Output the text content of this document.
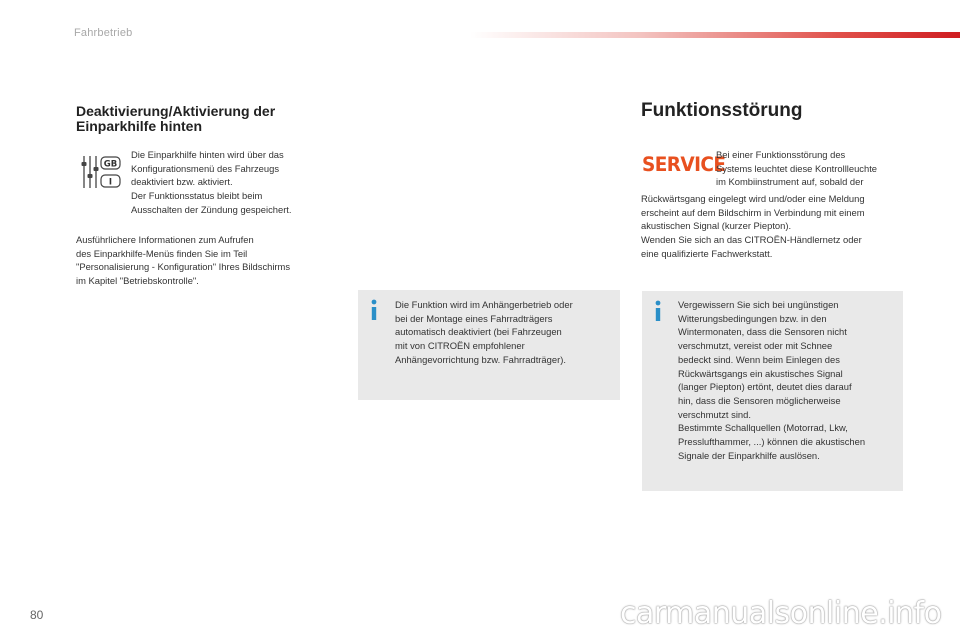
Fahrbetrieb
Deaktivierung/Aktivierung der Einparkhilfe hinten
GB
I

Die Einparkhilfe hinten wird über das

Konfigurationsmenü des Fahrzeugs

deaktiviert bzw. aktiviert.

Der Funktionsstatus bleibt beim

Ausschalten der Zündung gespeichert.

Ausführlichere Informationen zum Aufrufen

des Einparkhilfe-Menüs finden Sie im Teil

"Personalisierung - Konfiguration" Ihres Bildschirms

im Kapitel "Betriebskontrolle".

Funktionsstörung
SERVICE

Bei einer Funktionsstörung des

Systems leuchtet diese Kontrollleuchte

im Kombiinstrument auf, sobald der

Rückwärtsgang eingelegt wird und/oder eine Meldung

erscheint auf dem Bildschirm in Verbindung mit einem

akustischen Signal (kurzer Piepton).

Wenden Sie sich an das CITROËN-Händlernetz oder

eine qualifizierte Fachwerkstatt.

Die Funktion wird im Anhängerbetrieb oder

bei der Montage eines Fahrradträgers

automatisch deaktiviert (bei Fahrzeugen

mit von CITROËN empfohlener

Anhängevorrichtung bzw. Fahrradträger).

Vergewissern Sie sich bei ungünstigen

Witterungsbedingungen bzw. in den

Wintermonaten, dass die Sensoren nicht

verschmutzt, vereist oder mit Schnee

bedeckt sind. Wenn beim Einlegen des

Rückwärtsgangs ein akustisches Signal

(langer Piepton) ertönt, deutet dies darauf

hin, dass die Sensoren möglicherweise

verschmutzt sind.

Bestimmte Schallquellen (Motorrad, Lkw,

Presslufthammer, ...) können die akustischen

Signale der Einparkhilfe auslösen.

80	carmanualsonline.info
